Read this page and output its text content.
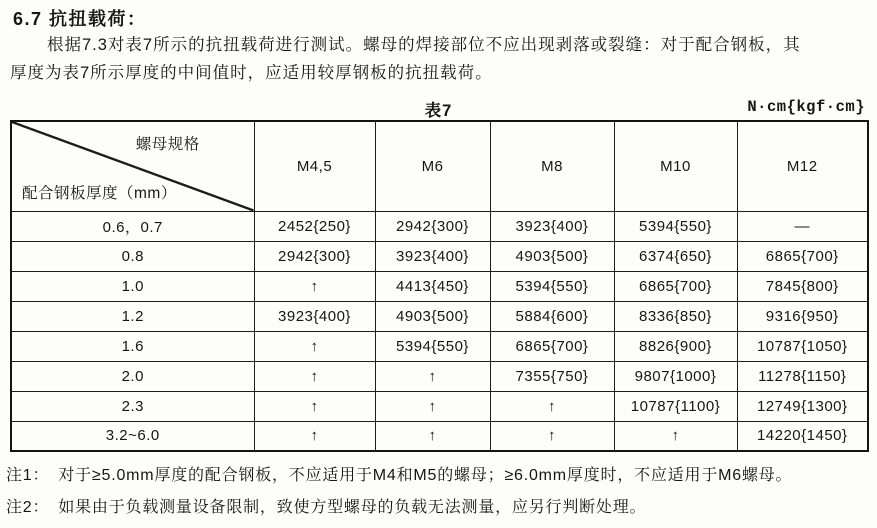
6.7 抗扭载荷：
根据7.3对表7所示的抗扭载荷进行测试。螺母的焊接部位不应出现剥落或裂缝：对于配合钢板，其
厚度为表7所示厚度的中间值时，应适用较厚钢板的抗扭载荷。
表7	N·cm{kgf·cm}
螺母规格
配合钢板厚度（mm）	M4,5	M6	M8	M10	M12
0.6，0.7	2452{250}	2942{300}	3923{400}	5394{550}	—
0.8	2942{300}	3923{400}	4903{500}	6374{650}	6865{700}
1.0	↑	4413{450}	5394{550}	6865{700}	7845{800}
1.2	3923{400}	4903{500}	5884{600}	8336{850}	9316{950}
1.6	↑	5394{550}	6865{700}	8826{900}	10787{1050}
2.0	↑	↑	7355{750}	9807{1000}	11278{1150}
2.3	↑	↑	↑	10787{1100}	12749{1300}
3.2~6.0	↑	↑	↑	↑	14220{1450}
注1： 对于≥5.0mm厚度的配合钢板，不应适用于M4和M5的螺母；≥6.0mm厚度时，不应适用于M6螺母。
注2： 如果由于负载测量设备限制，致使方型螺母的负载无法测量，应另行判断处理。
